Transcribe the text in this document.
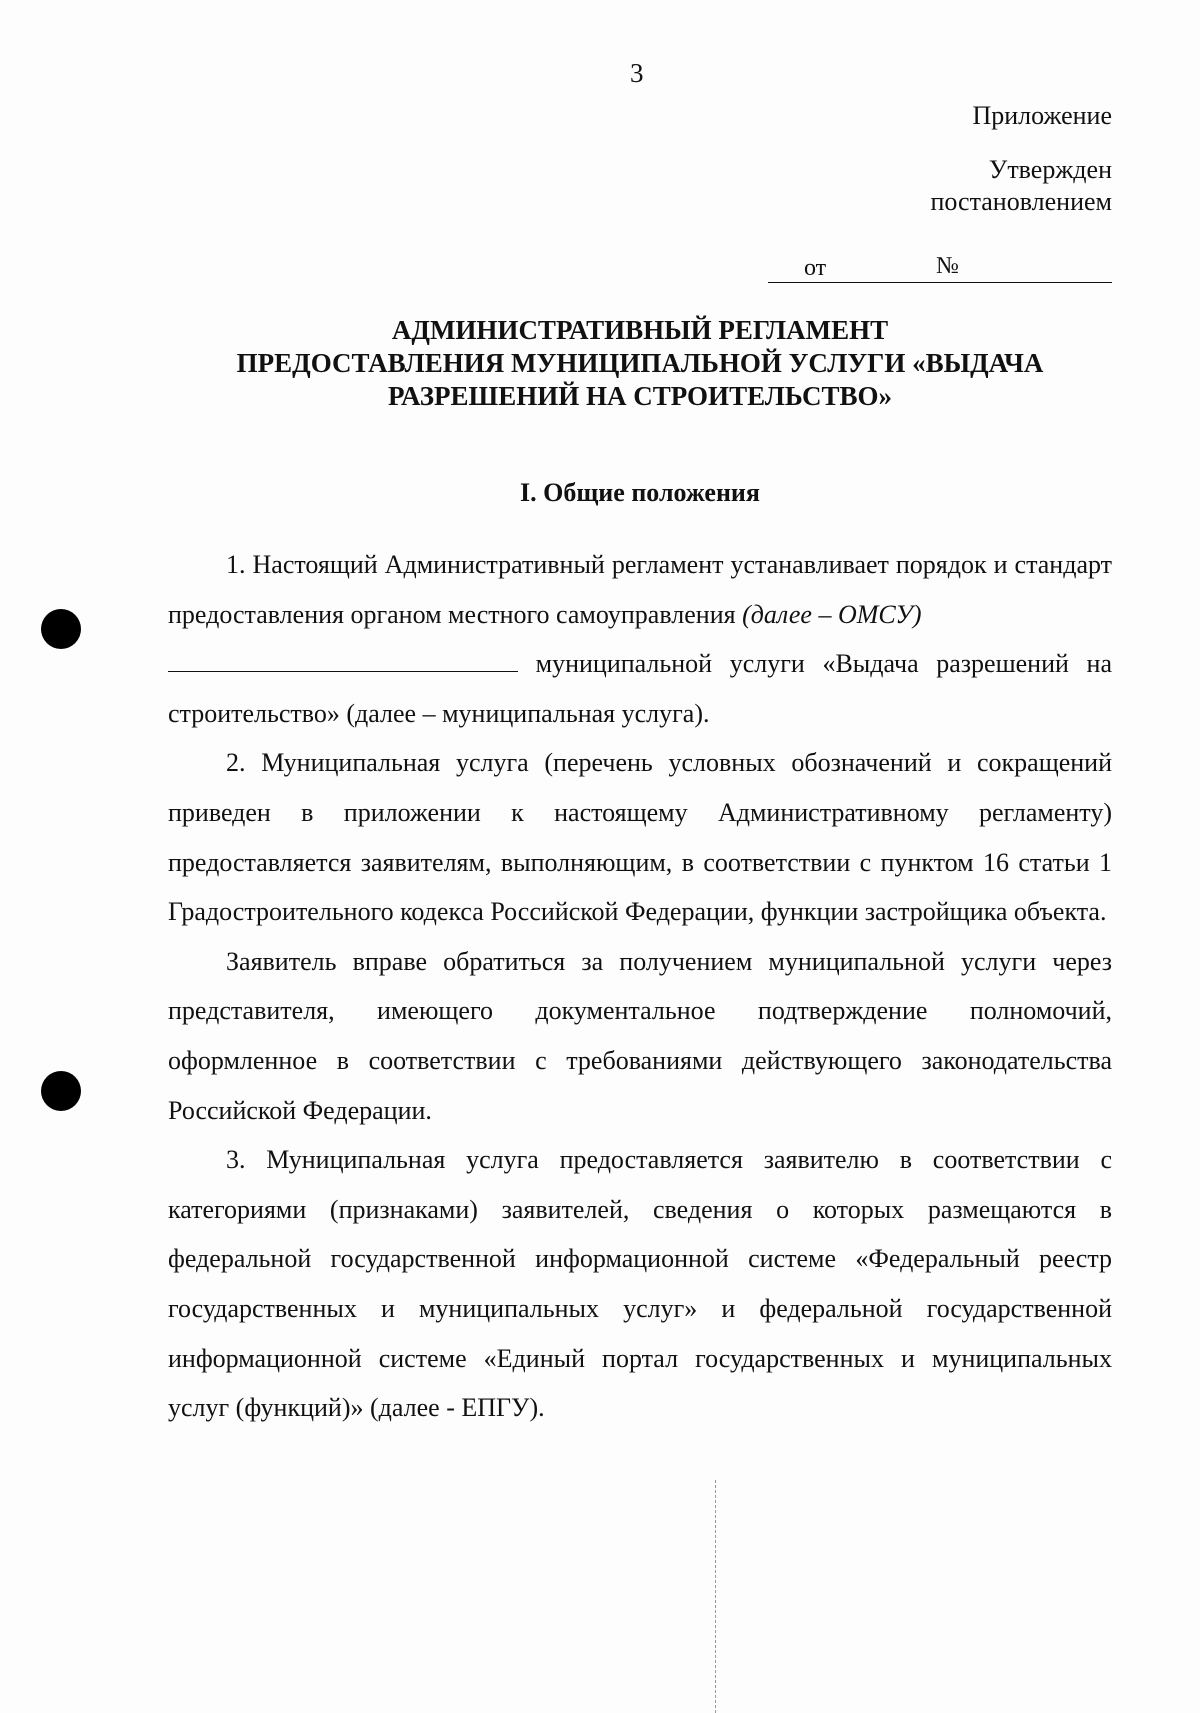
3
Приложение
Утвержден
постановлением
от	№
АДМИНИСТРАТИВНЫЙ РЕГЛАМЕНТ
ПРЕДОСТАВЛЕНИЯ МУНИЦИПАЛЬНОЙ УСЛУГИ «ВЫДАЧА
РАЗРЕШЕНИЙ НА СТРОИТЕЛЬСТВО»
I. Общие положения

1. Настоящий Административный регламент устанавливает порядок и стандарт предоставления органом местного самоуправления (далее – ОМСУ)
муниципальной услуги «Выдача разрешений на строительство» (далее – муниципальная услуга).

2. Муниципальная услуга (перечень условных обозначений и сокращений приведен в приложении к настоящему Административному регламенту) предоставляется заявителям, выполняющим, в соответствии с пунктом 16 статьи 1 Градостроительного кодекса Российской Федерации, функции застройщика объекта.

Заявитель вправе обратиться за получением муниципальной услуги через представителя, имеющего документальное подтверждение полномочий, оформленное в соответствии с требованиями действующего законодательства Российской Федерации.

3. Муниципальная услуга предоставляется заявителю в соответствии с категориями (признаками) заявителей, сведения о которых размещаются в федеральной государственной информационной системе «Федеральный реестр государственных и муниципальных услуг» и федеральной государственной информационной системе «Единый портал государственных и муниципальных услуг (функций)» (далее - ЕПГУ).
